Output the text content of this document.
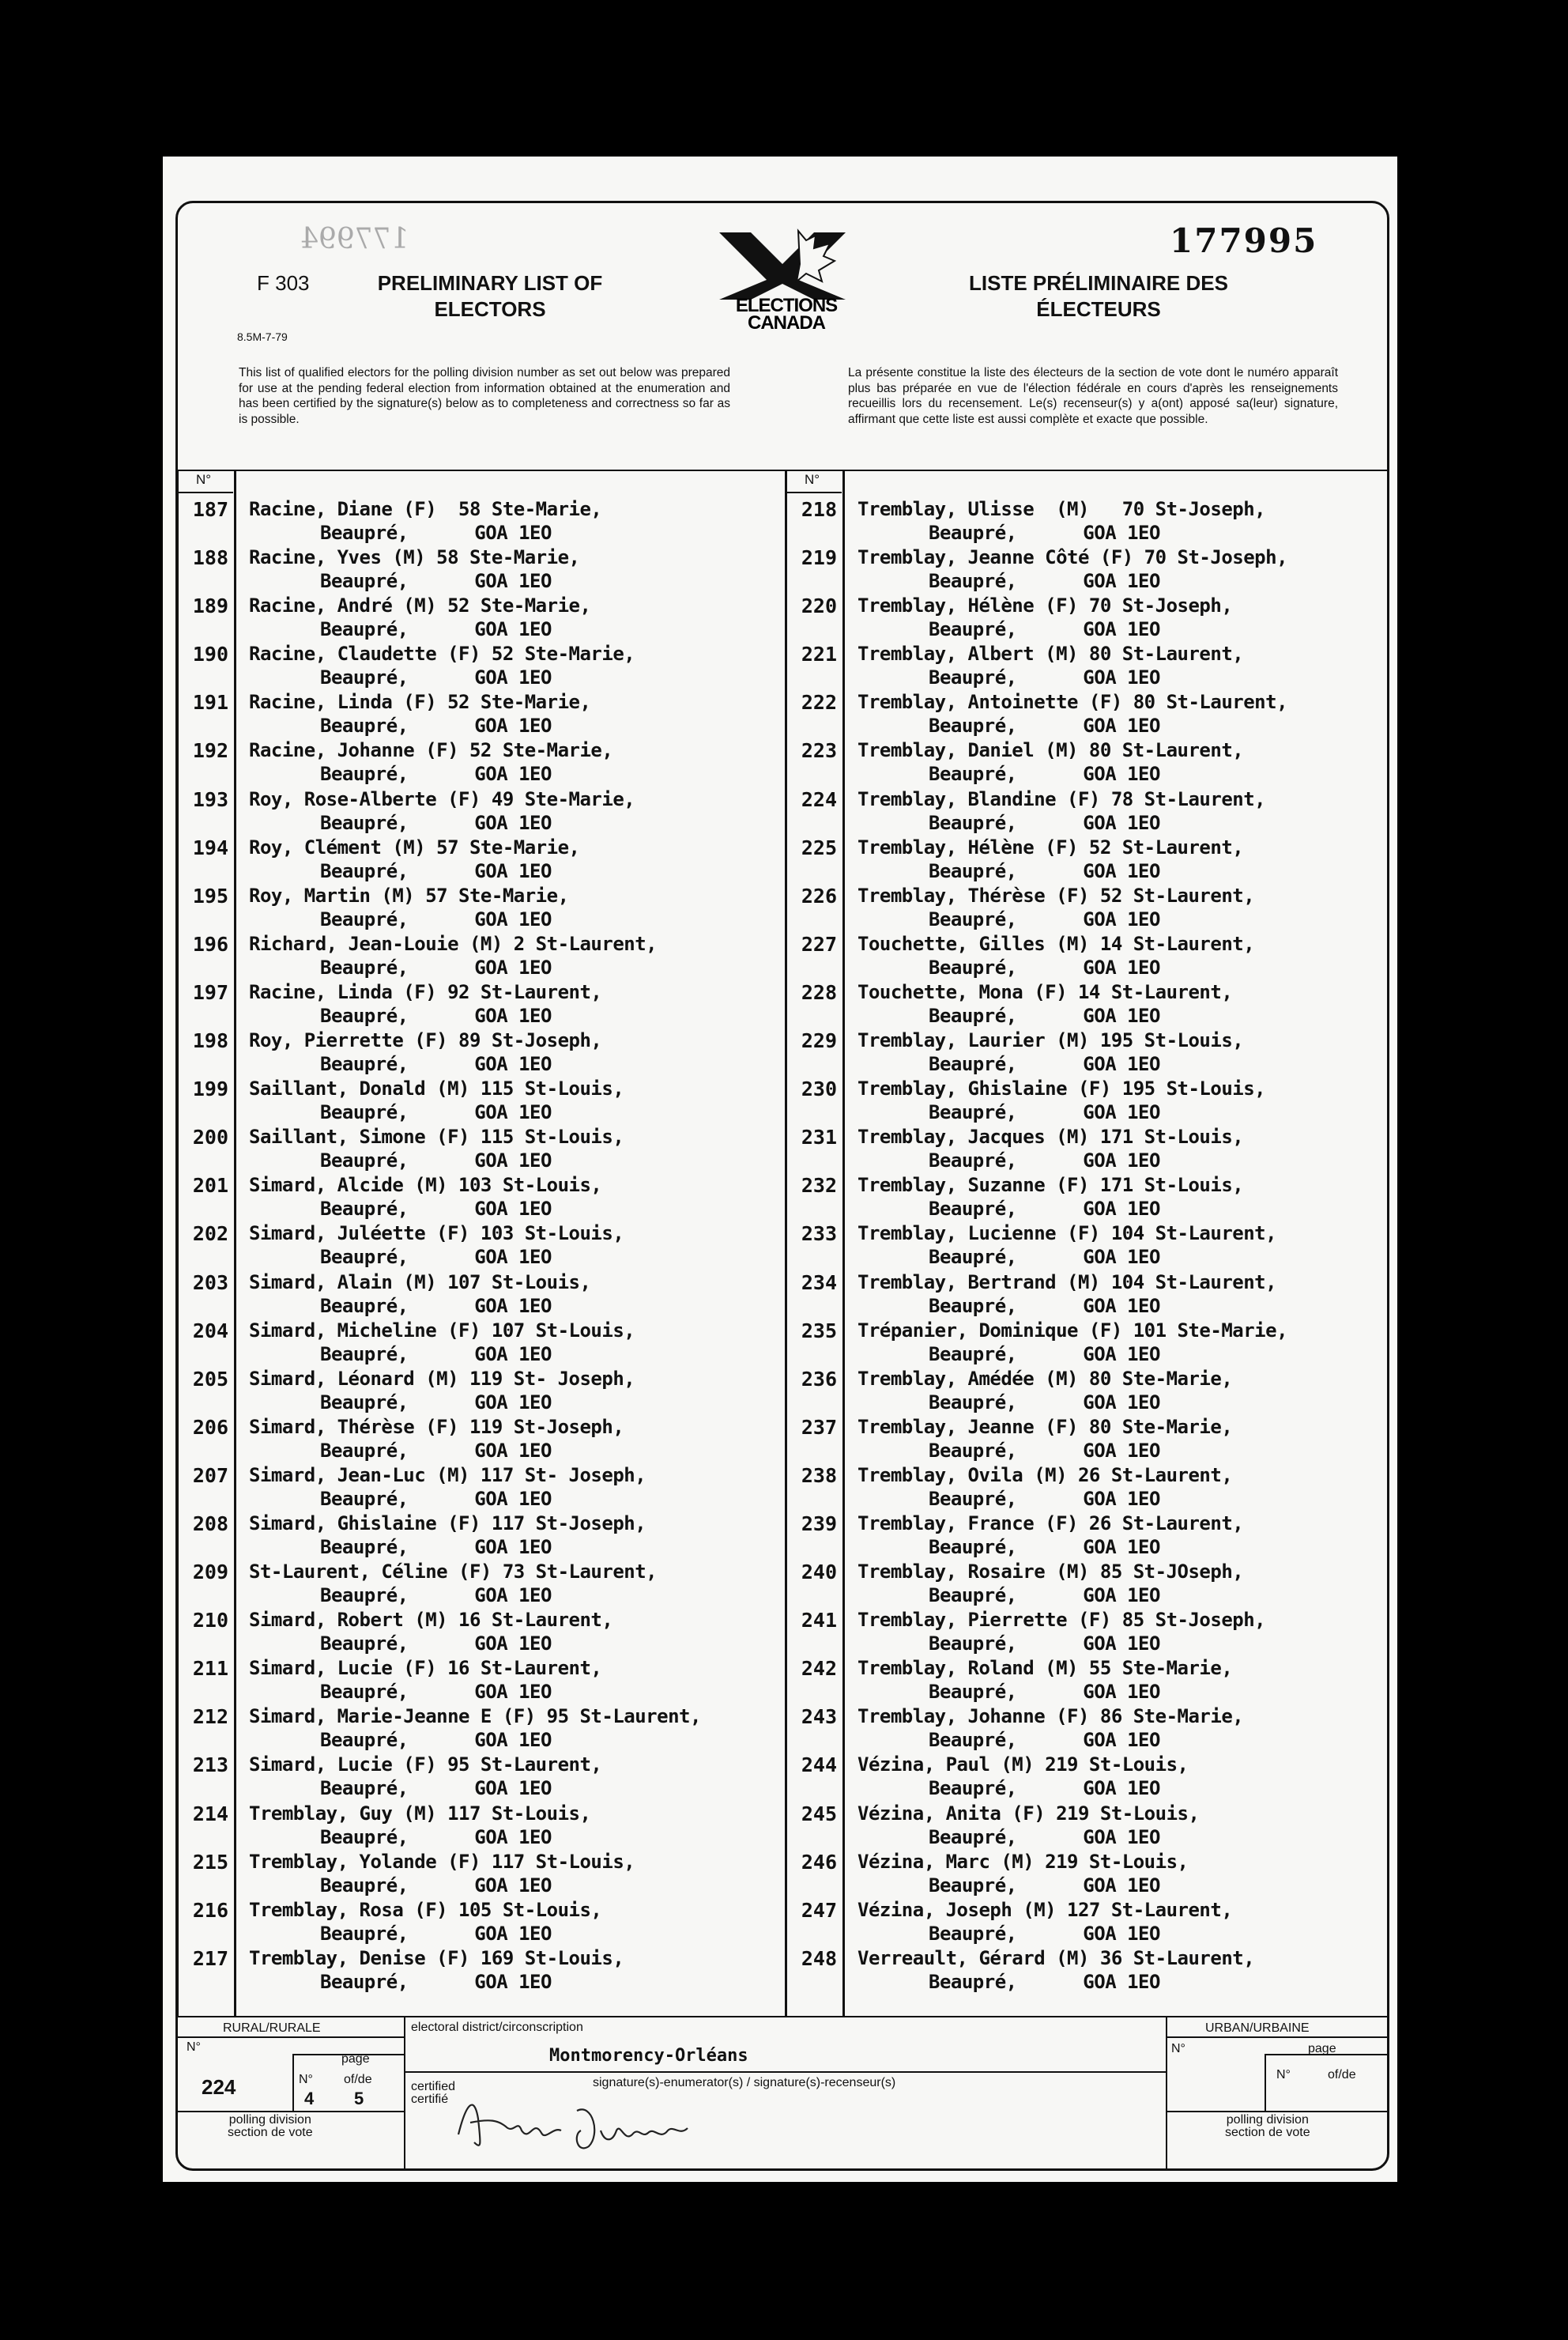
177994
F 303
8.5M-7-79
PRELIMINARY LIST OF ELECTORS
LISTE PRÉLIMINAIRE DES ÉLECTEURS
177995
ELECTIONS CANADA
This list of qualified electors for the polling division number as set out below was prepared for use at the pending federal election from information obtained at the enumeration and has been certified by the signature(s) below as to completeness and correctness so far as is possible.
La présente constitue la liste des électeurs de la section de vote dont le numéro apparaît plus bas préparée en vue de l'élection fédérale en cours d'après les renseignements recueillis lors du recensement. Le(s) recenseur(s) y a(ont) apposé sa(leur) signature, affirmant que cette liste est aussi complète et exacte que possible.
N°	N°
187 Racine, Diane (F)  58 Ste-Marie,
Beaupré,      GOA 1EO
188 Racine, Yves (M) 58 Ste-Marie,
Beaupré,      GOA 1EO
189 Racine, André (M) 52 Ste-Marie,
Beaupré,      GOA 1EO
190 Racine, Claudette (F) 52 Ste-Marie,
Beaupré,      GOA 1EO
191 Racine, Linda (F) 52 Ste-Marie,
Beaupré,      GOA 1EO
192 Racine, Johanne (F) 52 Ste-Marie,
Beaupré,      GOA 1EO
193 Roy, Rose-Alberte (F) 49 Ste-Marie,
Beaupré,      GOA 1EO
194 Roy, Clément (M) 57 Ste-Marie,
Beaupré,      GOA 1EO
195 Roy, Martin (M) 57 Ste-Marie,
Beaupré,      GOA 1EO
196 Richard, Jean-Louie (M) 2 St-Laurent,
Beaupré,      GOA 1EO
197 Racine, Linda (F) 92 St-Laurent,
Beaupré,      GOA 1EO
198 Roy, Pierrette (F) 89 St-Joseph,
Beaupré,      GOA 1EO
199 Saillant, Donald (M) 115 St-Louis,
Beaupré,      GOA 1EO
200 Saillant, Simone (F) 115 St-Louis,
Beaupré,      GOA 1EO
201 Simard, Alcide (M) 103 St-Louis,
Beaupré,      GOA 1EO
202 Simard, Juléette (F) 103 St-Louis,
Beaupré,      GOA 1EO
203 Simard, Alain (M) 107 St-Louis,
Beaupré,      GOA 1EO
204 Simard, Micheline (F) 107 St-Louis,
Beaupré,      GOA 1EO
205 Simard, Léonard (M) 119 St- Joseph,
Beaupré,      GOA 1EO
206 Simard, Thérèse (F) 119 St-Joseph,
Beaupré,      GOA 1EO
207 Simard, Jean-Luc (M) 117 St- Joseph,
Beaupré,      GOA 1EO
208 Simard, Ghislaine (F) 117 St-Joseph,
Beaupré,      GOA 1EO
209 St-Laurent, Céline (F) 73 St-Laurent,
Beaupré,      GOA 1EO
210 Simard, Robert (M) 16 St-Laurent,
Beaupré,      GOA 1EO
211 Simard, Lucie (F) 16 St-Laurent,
Beaupré,      GOA 1EO
212 Simard, Marie-Jeanne E (F) 95 St-Laurent,
Beaupré,      GOA 1EO
213 Simard, Lucie (F) 95 St-Laurent,
Beaupré,      GOA 1EO
214 Tremblay, Guy (M) 117 St-Louis,
Beaupré,      GOA 1EO
215 Tremblay, Yolande (F) 117 St-Louis,
Beaupré,      GOA 1EO
216 Tremblay, Rosa (F) 105 St-Louis,
Beaupré,      GOA 1EO
217 Tremblay, Denise (F) 169 St-Louis,
Beaupré,      GOA 1EO
218 Tremblay, Ulisse  (M)   70 St-Joseph,
Beaupré,      GOA 1EO
219 Tremblay, Jeanne Côté (F) 70 St-Joseph,
Beaupré,      GOA 1EO
220 Tremblay, Hélène (F) 70 St-Joseph,
Beaupré,      GOA 1EO
221 Tremblay, Albert (M) 80 St-Laurent,
Beaupré,      GOA 1EO
222 Tremblay, Antoinette (F) 80 St-Laurent,
Beaupré,      GOA 1EO
223 Tremblay, Daniel (M) 80 St-Laurent,
Beaupré,      GOA 1EO
224 Tremblay, Blandine (F) 78 St-Laurent,
Beaupré,      GOA 1EO
225 Tremblay, Hélène (F) 52 St-Laurent,
Beaupré,      GOA 1EO
226 Tremblay, Thérèse (F) 52 St-Laurent,
Beaupré,      GOA 1EO
227 Touchette, Gilles (M) 14 St-Laurent,
Beaupré,      GOA 1EO
228 Touchette, Mona (F) 14 St-Laurent,
Beaupré,      GOA 1EO
229 Tremblay, Laurier (M) 195 St-Louis,
Beaupré,      GOA 1EO
230 Tremblay, Ghislaine (F) 195 St-Louis,
Beaupré,      GOA 1EO
231 Tremblay, Jacques (M) 171 St-Louis,
Beaupré,      GOA 1EO
232 Tremblay, Suzanne (F) 171 St-Louis,
Beaupré,      GOA 1EO
233 Tremblay, Lucienne (F) 104 St-Laurent,
Beaupré,      GOA 1EO
234 Tremblay, Bertrand (M) 104 St-Laurent,
Beaupré,      GOA 1EO
235 Trépanier, Dominique (F) 101 Ste-Marie,
Beaupré,      GOA 1EO
236 Tremblay, Amédée (M) 80 Ste-Marie,
Beaupré,      GOA 1EO
237 Tremblay, Jeanne (F) 80 Ste-Marie,
Beaupré,      GOA 1EO
238 Tremblay, Ovila (M) 26 St-Laurent,
Beaupré,      GOA 1EO
239 Tremblay, France (F) 26 St-Laurent,
Beaupré,      GOA 1EO
240 Tremblay, Rosaire (M) 85 St-JOseph,
Beaupré,      GOA 1EO
241 Tremblay, Pierrette (F) 85 St-Joseph,
Beaupré,      GOA 1EO
242 Tremblay, Roland (M) 55 Ste-Marie,
Beaupré,      GOA 1EO
243 Tremblay, Johanne (F) 86 Ste-Marie,
Beaupré,      GOA 1EO
244 Vézina, Paul (M) 219 St-Louis,
Beaupré,      GOA 1EO
245 Vézina, Anita (F) 219 St-Louis,
Beaupré,      GOA 1EO
246 Vézina, Marc (M) 219 St-Louis,
Beaupré,      GOA 1EO
247 Vézina, Joseph (M) 127 St-Laurent,
Beaupré,      GOA 1EO
248 Verreault, Gérard (M) 36 St-Laurent,
Beaupré,      GOA 1EO
RURAL/RURALE	URBAN/URBAINE
electoral district/circonscription
Montmorency-Orléans
N°
page
224	N° of/de
4 5
polling division
section de vote
N°	page
N°	of/de
polling division
section de vote
certified
certifié
signature(s)-enumerator(s) / signature(s)-recenseur(s)
